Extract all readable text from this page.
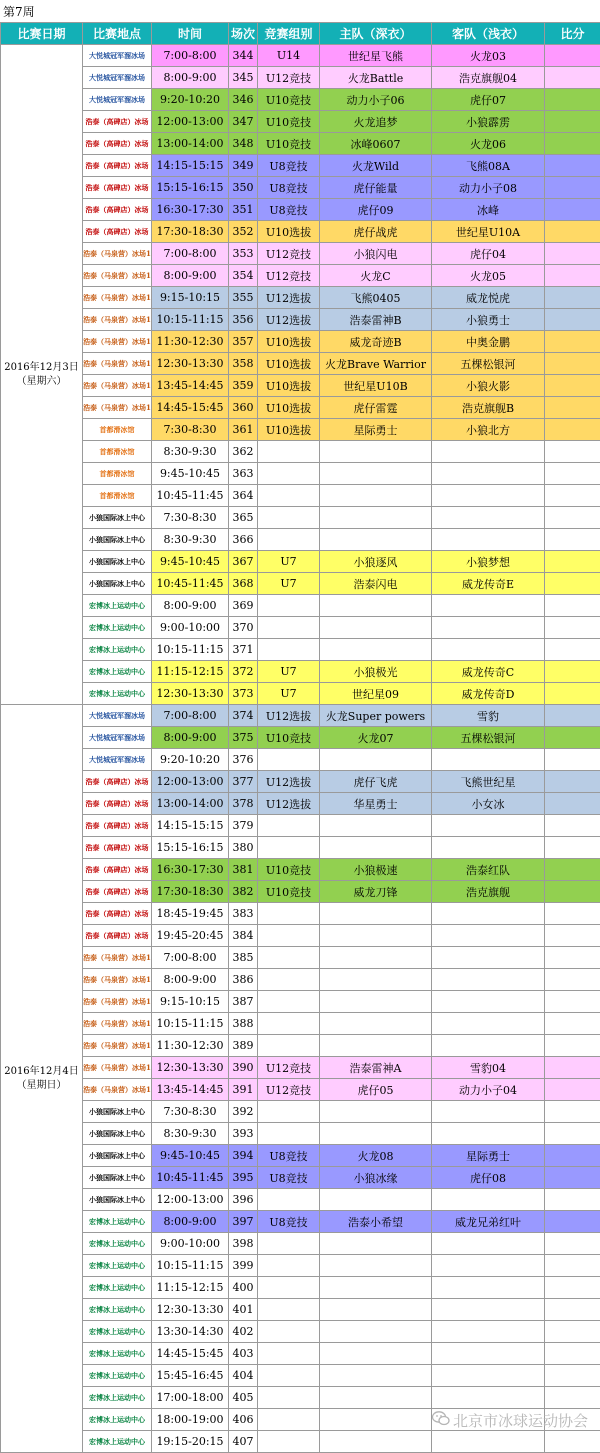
第7周
比赛日期	比赛地点	时间	场次	竞赛组别	主队（深衣）	客队（浅衣）	比分

2016年12月3日
（星期六）	大悦城冠军溜冰场	7:00-8:00	344	U14	世纪星飞熊	火龙03	
	大悦城冠军溜冰场	8:00-9:00	345	U12竞技	火龙Battle	浩克旗舰04	
	大悦城冠军溜冰场	9:20-10:20	346	U10竞技	动力小子06	虎仔07	
	浩泰（高碑店）冰场	12:00-13:00	347	U10竞技	火龙追梦	小狼霹雳	
	浩泰（高碑店）冰场	13:00-14:00	348	U10竞技	冰峰0607	火龙06	
	浩泰（高碑店）冰场	14:15-15:15	349	U8竞技	火龙Wild	飞熊08A	
	浩泰（高碑店）冰场	15:15-16:15	350	U8竞技	虎仔能量	动力小子08	
	浩泰（高碑店）冰场	16:30-17:30	351	U8竞技	虎仔09	冰峰	
	浩泰（高碑店）冰场	17:30-18:30	352	U10选拔	虎仔战虎	世纪星U10A	
	浩泰（马泉营）冰场1	7:00-8:00	353	U12竞技	小狼闪电	虎仔04	
	浩泰（马泉营）冰场1	8:00-9:00	354	U12竞技	火龙C	火龙05	
	浩泰（马泉营）冰场1	9:15-10:15	355	U12选拔	飞熊0405	威龙悦虎	
	浩泰（马泉营）冰场1	10:15-11:15	356	U12选拔	浩泰雷神B	小狼勇士	
	浩泰（马泉营）冰场1	11:30-12:30	357	U10选拔	威龙奇迹B	中奥金鹏	
	浩泰（马泉营）冰场1	12:30-13:30	358	U10选拔	火龙Brave Warrior	五棵松银河	
	浩泰（马泉营）冰场1	13:45-14:45	359	U10选拔	世纪星U10B	小狼火影	
	浩泰（马泉营）冰场1	14:45-15:45	360	U10选拔	虎仔雷霆	浩克旗舰B	
	首都滑冰馆	7:30-8:30	361	U10选拔	星际勇士	小狼北方	
	首都滑冰馆	8:30-9:30	362				
	首都滑冰馆	9:45-10:45	363				
	首都滑冰馆	10:45-11:45	364				
	小狼国际冰上中心	7:30-8:30	365				
	小狼国际冰上中心	8:30-9:30	366				
	小狼国际冰上中心	9:45-10:45	367	U7	小狼逐风	小狼梦想	
	小狼国际冰上中心	10:45-11:45	368	U7	浩泰闪电	威龙传奇E	
	宏博冰上运动中心	8:00-9:00	369				
	宏博冰上运动中心	9:00-10:00	370				
	宏博冰上运动中心	10:15-11:15	371				
	宏博冰上运动中心	11:15-12:15	372	U7	小狼极光	威龙传奇C	
	宏博冰上运动中心	12:30-13:30	373	U7	世纪星09	威龙传奇D	

2016年12月4日
（星期日）	大悦城冠军溜冰场	7:00-8:00	374	U12选拔	火龙Super powers	雪豹	
	大悦城冠军溜冰场	8:00-9:00	375	U10竞技	火龙07	五棵松银河	
	大悦城冠军溜冰场	9:20-10:20	376				
	浩泰（高碑店）冰场	12:00-13:00	377	U12选拔	虎仔飞虎	飞熊世纪星	
	浩泰（高碑店）冰场	13:00-14:00	378	U12选拔	华星勇士	小女冰	
	浩泰（高碑店）冰场	14:15-15:15	379				
	浩泰（高碑店）冰场	15:15-16:15	380				
	浩泰（高碑店）冰场	16:30-17:30	381	U10竞技	小狼极速	浩泰红队	
	浩泰（高碑店）冰场	17:30-18:30	382	U10竞技	威龙刀锋	浩克旗舰	
	浩泰（高碑店）冰场	18:45-19:45	383				
	浩泰（高碑店）冰场	19:45-20:45	384				
	浩泰（马泉营）冰场1	7:00-8:00	385				
	浩泰（马泉营）冰场1	8:00-9:00	386				
	浩泰（马泉营）冰场1	9:15-10:15	387				
	浩泰（马泉营）冰场1	10:15-11:15	388				
	浩泰（马泉营）冰场1	11:30-12:30	389				
	浩泰（马泉营）冰场1	12:30-13:30	390	U12竞技	浩泰雷神A	雪豹04	
	浩泰（马泉营）冰场1	13:45-14:45	391	U12竞技	虎仔05	动力小子04	
	小狼国际冰上中心	7:30-8:30	392				
	小狼国际冰上中心	8:30-9:30	393				
	小狼国际冰上中心	9:45-10:45	394	U8竞技	火龙08	星际勇士	
	小狼国际冰上中心	10:45-11:45	395	U8竞技	小狼冰缘	虎仔08	
	小狼国际冰上中心	12:00-13:00	396				
	宏博冰上运动中心	8:00-9:00	397	U8竞技	浩泰小希望	威龙兄弟红叶	
	宏博冰上运动中心	9:00-10:00	398				
	宏博冰上运动中心	10:15-11:15	399				
	宏博冰上运动中心	11:15-12:15	400				
	宏博冰上运动中心	12:30-13:30	401				
	宏博冰上运动中心	13:30-14:30	402				
	宏博冰上运动中心	14:45-15:45	403				
	宏博冰上运动中心	15:45-16:45	404				
	宏博冰上运动中心	17:00-18:00	405				
	宏博冰上运动中心	18:00-19:00	406				
	宏博冰上运动中心	19:15-20:15	407				
北京市冰球运动协会
